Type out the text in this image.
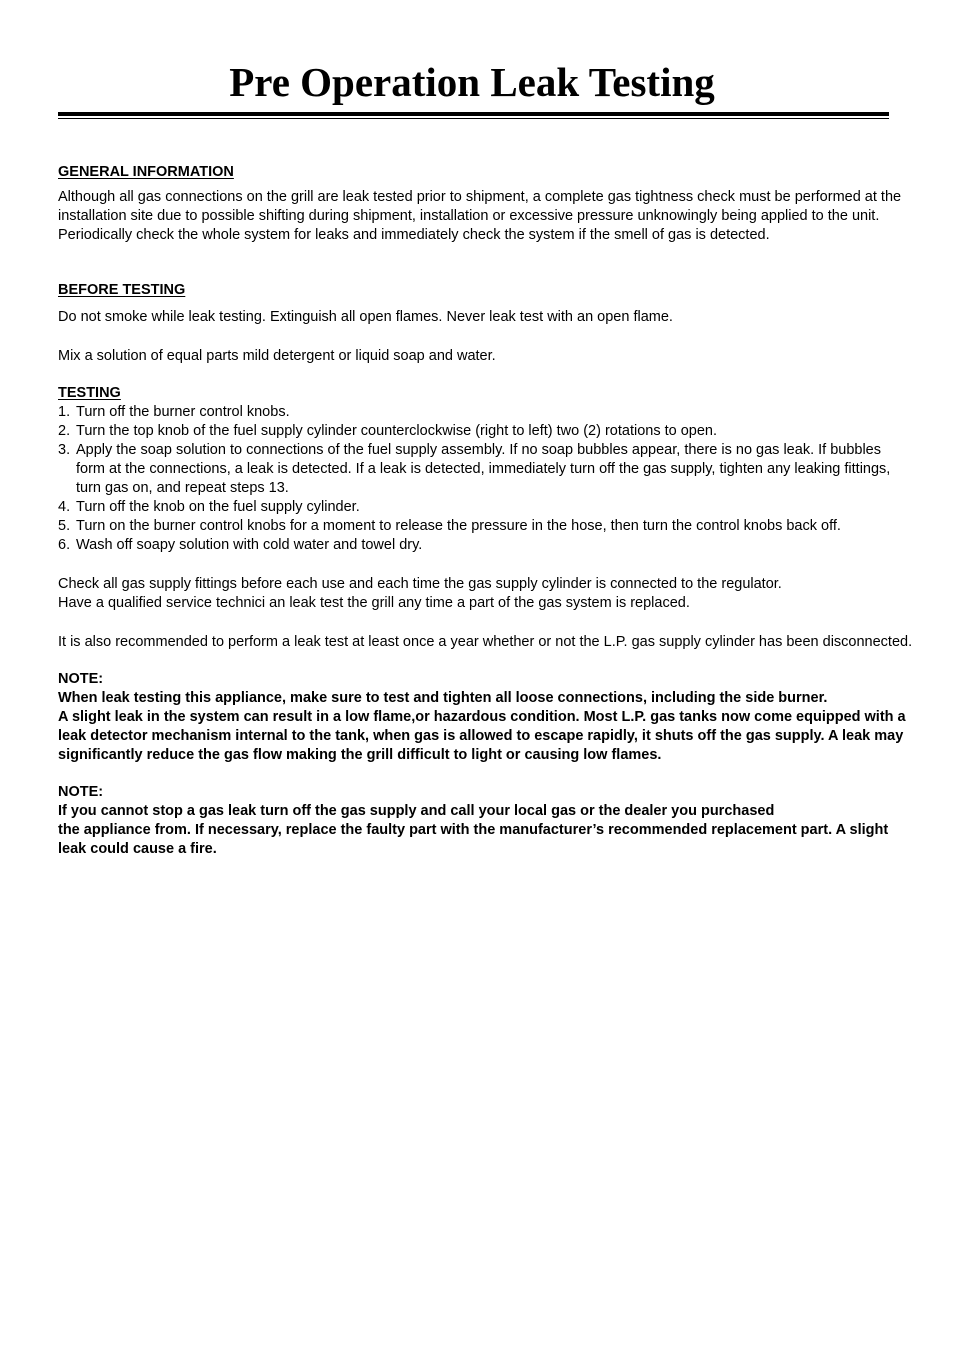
Pre Operation Leak Testing

GENERAL INFORMATION

Although all gas connections on the grill are leak tested prior to shipment, a complete gas tightness check must be performed at the installation site due to possible shifting during shipment, installation or excessive pressure unknowingly being applied to the unit. Periodically check the whole system for leaks and immediately check the system if the smell of gas is detected.

BEFORE TESTING

Do not smoke while leak testing. Extinguish all open flames. Never leak test with an open flame.

Mix a solution of equal parts mild detergent or liquid soap and water.

TESTING

1. Turn off the burner control knobs.
2. Turn the top knob of the fuel supply cylinder counterclockwise (right to left) two (2) rotations to open.
3. Apply the soap solution to connections of the fuel supply assembly. If no soap bubbles appear, there is no gas leak. If bubbles form at the connections, a leak is detected. If a leak is detected, immediately turn off the gas supply, tighten any leaking fittings, turn gas on, and repeat steps 13.
4. Turn off the knob on the fuel supply cylinder.
5. Turn on the burner control knobs for a moment to release the pressure in the hose, then turn the control knobs back off.
6. Wash off soapy solution with cold water and towel dry.

Check all gas supply fittings before each use and each time the gas supply cylinder is connected to the regulator.

Have a qualified service technici an leak test the grill any time a part of the gas system is replaced.

It is also recommended to perform a leak test at least once a year whether or not the L.P. gas supply cylinder has been disconnected.

NOTE:

When leak testing this appliance, make sure to test and tighten all loose connections, including the side burner.

A slight leak in the system can result in a low flame,or hazardous condition. Most L.P. gas tanks now come equipped with a leak detector mechanism internal to the tank, when gas is allowed to escape rapidly, it shuts off the gas supply. A leak may significantly reduce the gas flow making the grill difficult to light or causing low flames.

NOTE:

If you cannot stop a gas leak turn off the gas supply and call your local gas or the dealer you purchased

the appliance from. If necessary, replace the faulty part with the manufacturer’s recommended replacement part. A slight leak could cause a fire.
